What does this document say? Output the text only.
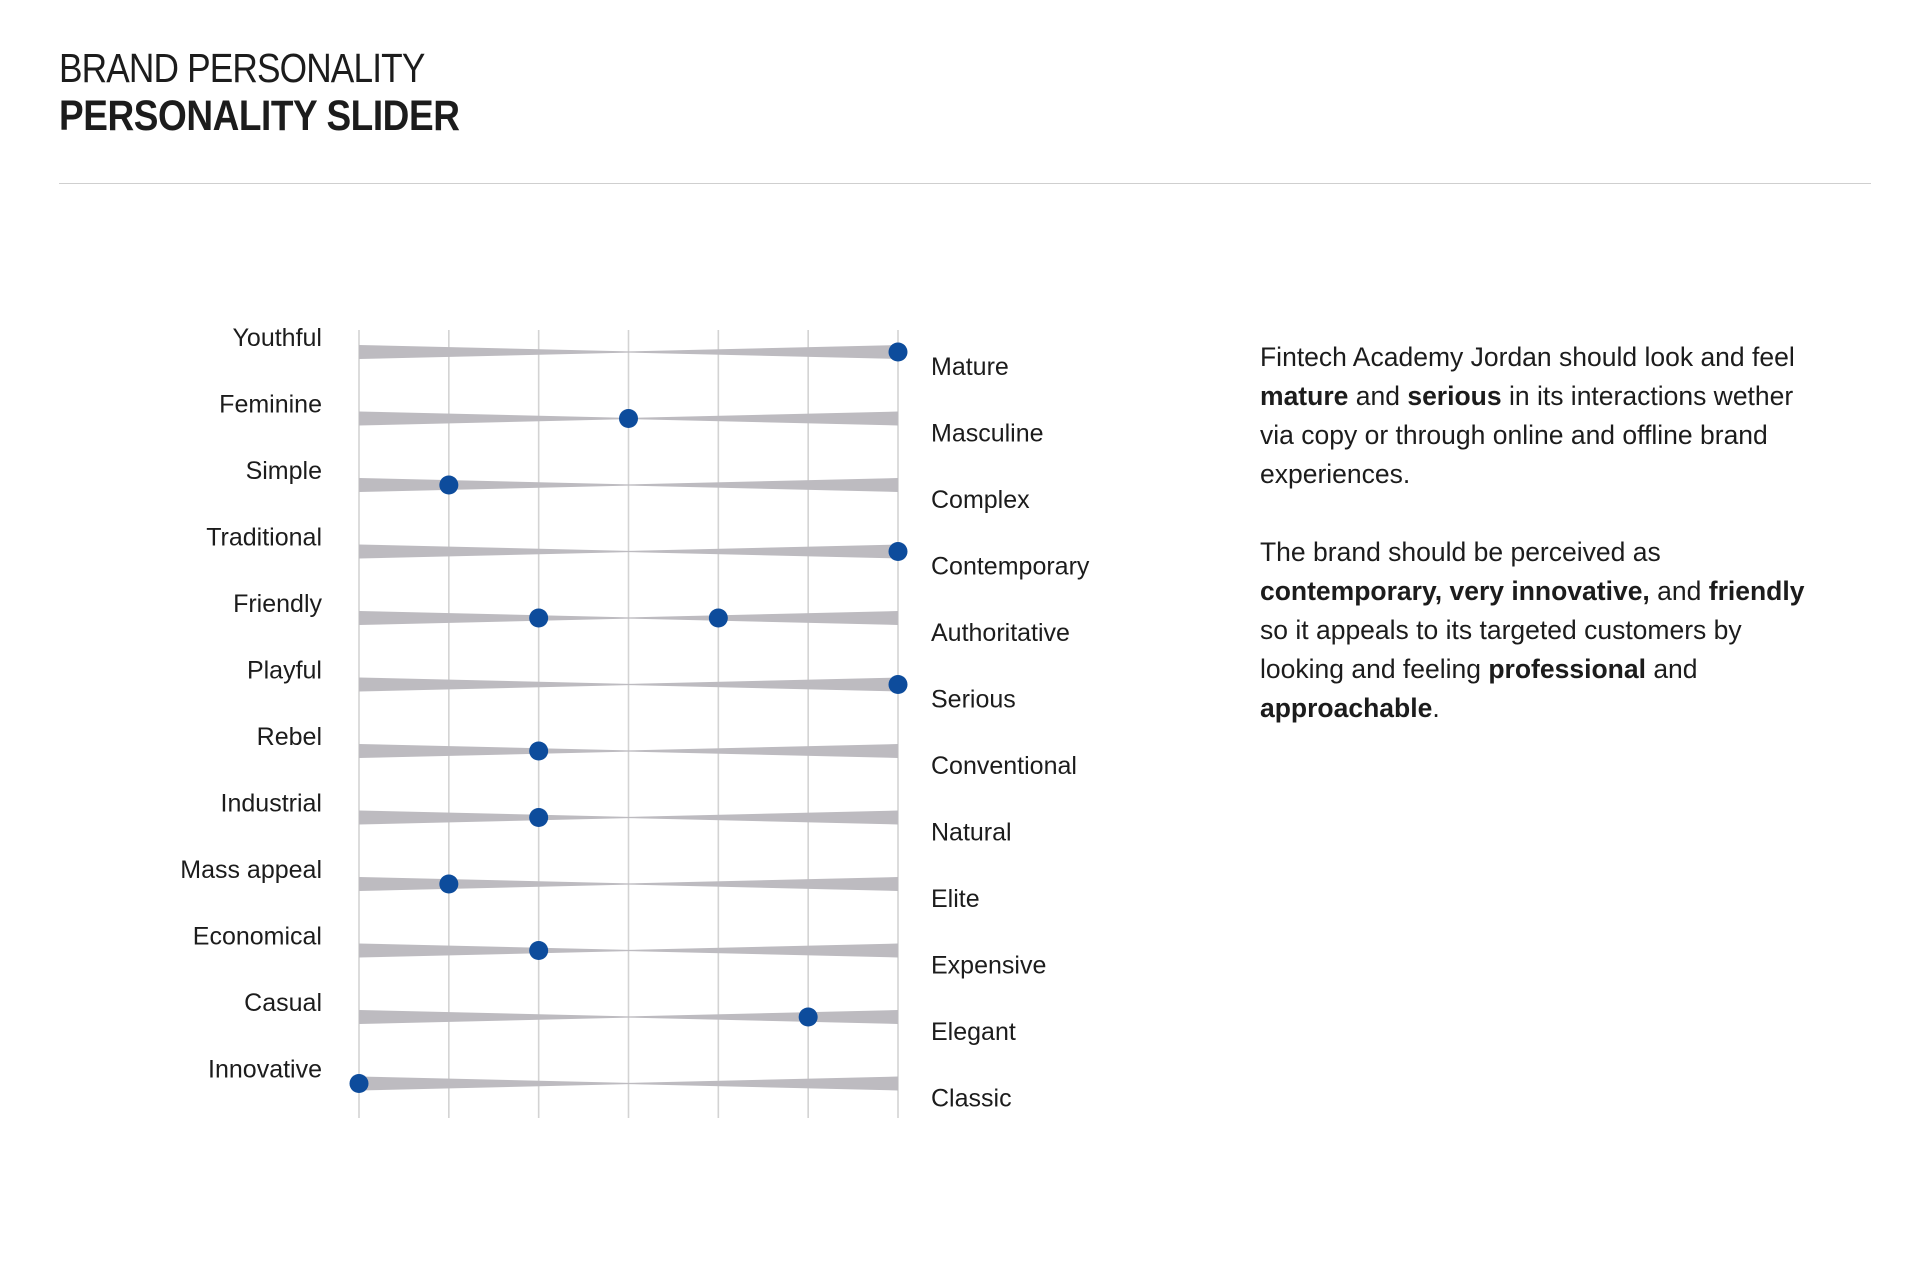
BRAND PERSONALITY
PERSONALITY SLIDER
Youthful
Mature
Feminine
Masculine
Simple
Complex
Traditional
Contemporary
Friendly
Authoritative
Playful
Serious
Rebel
Conventional
Industrial
Natural
Mass appeal
Elite
Economical
Expensive
Casual
Elegant
Innovative
Classic

Fintech Academy Jordan should look and feel mature and serious in its interactions wether via copy or through online and offline brand experiences.

The brand should be perceived as contemporary, very innovative, and friendly so it appeals to its targeted customers by looking and feeling professional and approachable.
